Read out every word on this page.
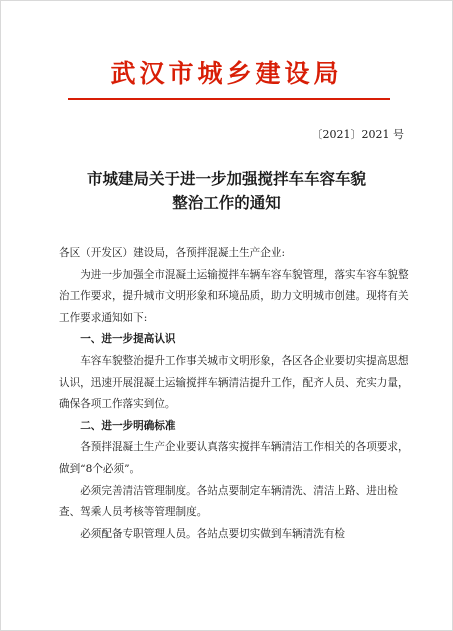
武汉市城乡建设局
〔2021〕2021 号
市城建局关于进一步加强搅拌车车容车貌
整治工作的通知

各区（开发区）建设局，各预拌混凝土生产企业:

为进一步加强全市混凝土运输搅拌车辆车容车貌管理，落实车容车貌整治工作要求，提升城市文明形象和环境品质，助力文明城市创建。现将有关工作要求通知如下:

一、进一步提高认识

车容车貌整治提升工作事关城市文明形象，各区各企业要切实提高思想认识，迅速开展混凝土运输搅拌车辆清洁提升工作，配齐人员、充实力量，确保各项工作落实到位。

二、进一步明确标准

各预拌混凝土生产企业要认真落实搅拌车辆清洁工作相关的各项要求，做到“8个必须”。

必须完善清洁管理制度。各站点要制定车辆清洗、清洁上路、进出检查、驾乘人员考核等管理制度。

必须配备专职管理人员。各站点要切实做到车辆清洗有检
